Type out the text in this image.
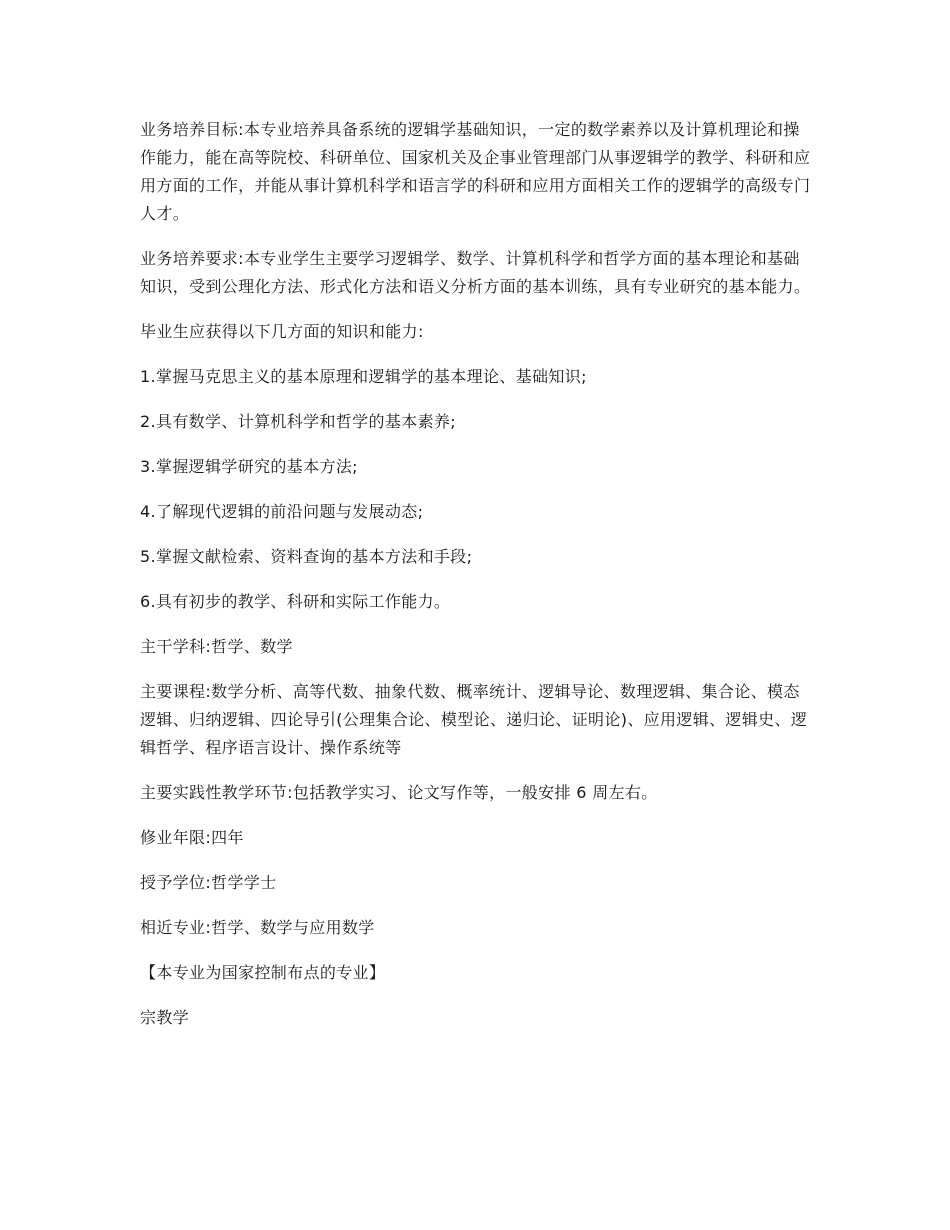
业务培养目标:本专业培养具备系统的逻辑学基础知识，一定的数学素养以及计算机理论和操作能力，能在高等院校、科研单位、国家机关及企事业管理部门从事逻辑学的教学、科研和应用方面的工作，并能从事计算机科学和语言学的科研和应用方面相关工作的逻辑学的高级专门人才。

业务培养要求:本专业学生主要学习逻辑学、数学、计算机科学和哲学方面的基本理论和基础知识，受到公理化方法、形式化方法和语义分析方面的基本训练，具有专业研究的基本能力。

毕业生应获得以下几方面的知识和能力:

1.掌握马克思主义的基本原理和逻辑学的基本理论、基础知识;

2.具有数学、计算机科学和哲学的基本素养;

3.掌握逻辑学研究的基本方法;

4.了解现代逻辑的前沿问题与发展动态;

5.掌握文献检索、资料查询的基本方法和手段;

6.具有初步的教学、科研和实际工作能力。

主干学科:哲学、数学

主要课程:数学分析、高等代数、抽象代数、概率统计、逻辑导论、数理逻辑、集合论、模态逻辑、归纳逻辑、四论导引(公理集合论、模型论、递归论、证明论)、应用逻辑、逻辑史、逻辑哲学、程序语言设计、操作系统等

主要实践性教学环节:包括教学实习、论文写作等，一般安排 6 周左右。

修业年限:四年

授予学位:哲学学士

相近专业:哲学、数学与应用数学

【本专业为国家控制布点的专业】

宗教学
